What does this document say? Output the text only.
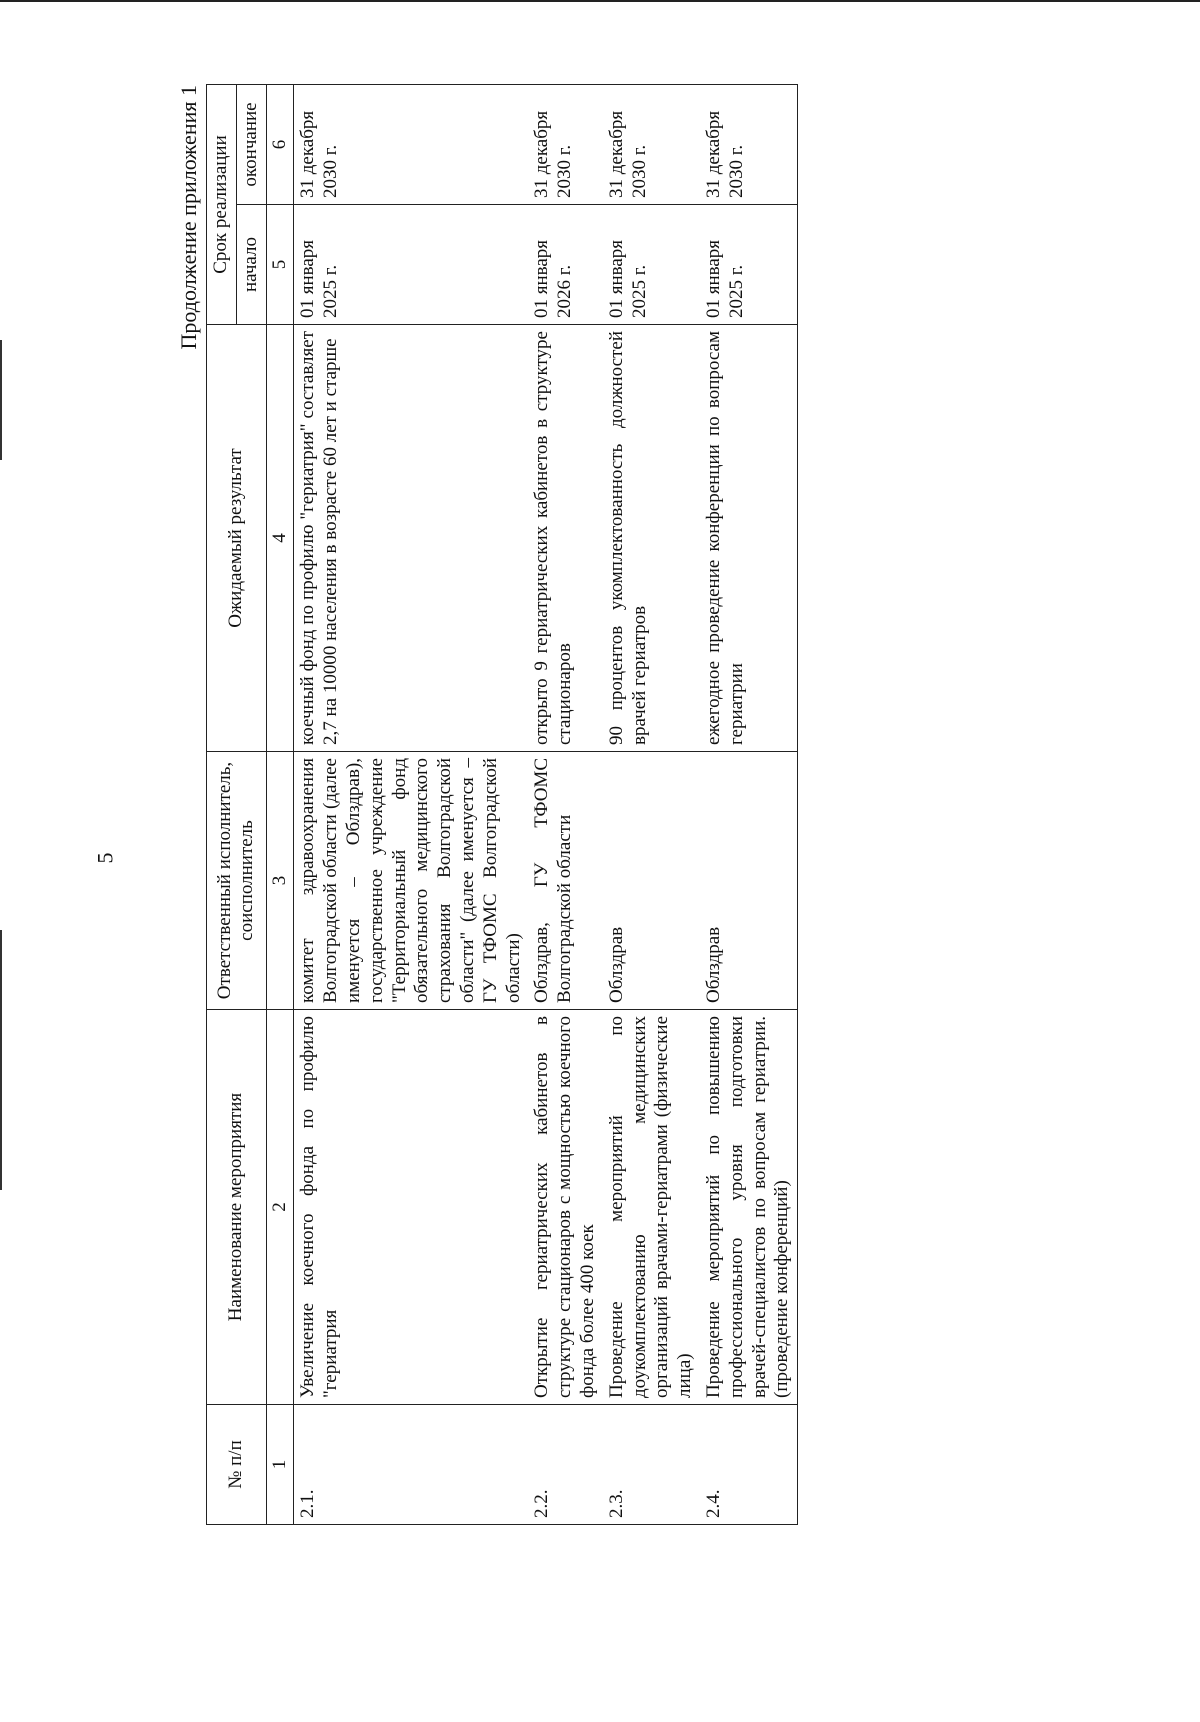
5
Продолжение приложения 1
№ п/п	Наименование мероприятия	Ответственный исполнитель, соисполнитель	Ожидаемый результат	Срок реализации	
				начало	окончание
1	2	3	4	5	6
2.1.	Увеличение коечного фонда по профилю "гериатрия	комитет здравоохранения Волгоградской области (далее именуется – Облздрав), государственное учреждение "Территориальный фонд обязательного медицинского страхования Волгоградской области" (далее именуется – ГУ ТФОМС Волгоградской области)	коечный фонд по профилю "гериатрия" составляет 2,7 на 10000 населения в возрасте 60 лет и старше	01 января 2025 г.	31 декабря 2030 г.
2.2.	Открытие гериатрических кабинетов в структуре стационаров с мощностью коечного фонда более 400 коек	Облздрав, ГУ ТФОМС Волгоградской области	открыто 9 гериатрических кабинетов в структуре стационаров	01 января 2026 г.	31 декабря 2030 г.
2.3.	Проведение мероприятий по доукомплектованию медицинских организаций врачами-гериатрами (физические лица)	Облздрав	90 процентов укомплектованность должностей врачей гериатров	01 января 2025 г.	31 декабря 2030 г.
2.4.	Проведение мероприятий по повышению профессионального уровня подготовки врачей-специалистов по вопросам гериатрии. (проведение конференций)	Облздрав	ежегодное проведение конференции по вопросам гериатрии	01 января 2025 г.	31 декабря 2030 г.
